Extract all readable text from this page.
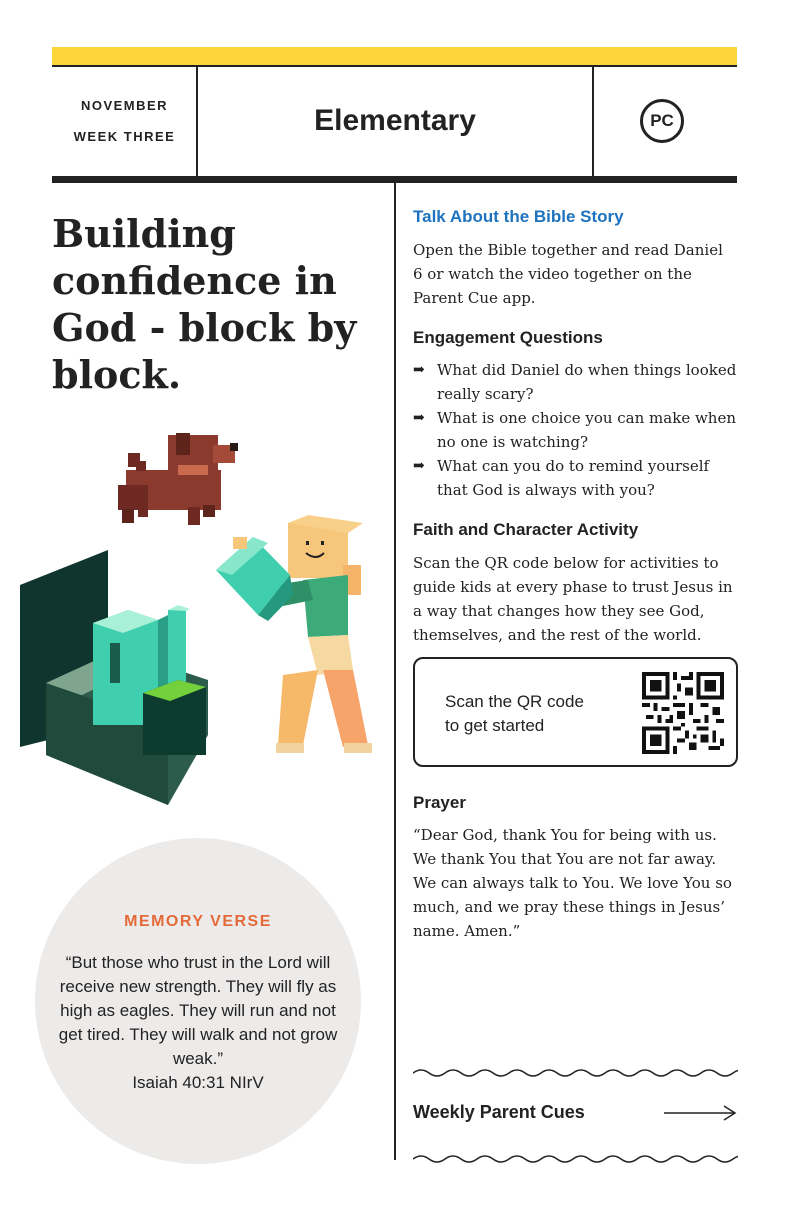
NOVEMBER
WEEK THREE	Elementary	PC
Building confidence in God - block by block.
MEMORY VERSE
“But those who trust in the Lord will receive new strength. They will fly as high as eagles. They will run and not get tired. They will walk and not grow weak.”
Isaiah 40:31 NIrV
Talk About the Bible Story
Open the Bible together and read Daniel 6 or watch the video together on the Parent Cue app.
Engagement Questions
➡ What did Daniel do when things looked really scary?
➡ What is one choice you can make when no one is watching?
➡ What can you do to remind yourself that God is always with you?
Faith and Character Activity
Scan the QR code below for activities to guide kids at every phase to trust Jesus in a way that changes how they see God, themselves, and the rest of the world.
Scan the QR code
to get started
Prayer
“Dear God, thank You for being with us. We thank You that You are not far away. We can always talk to You. We love You so much, and we pray these things in Jesus’ name. Amen.”
Weekly Parent Cues
